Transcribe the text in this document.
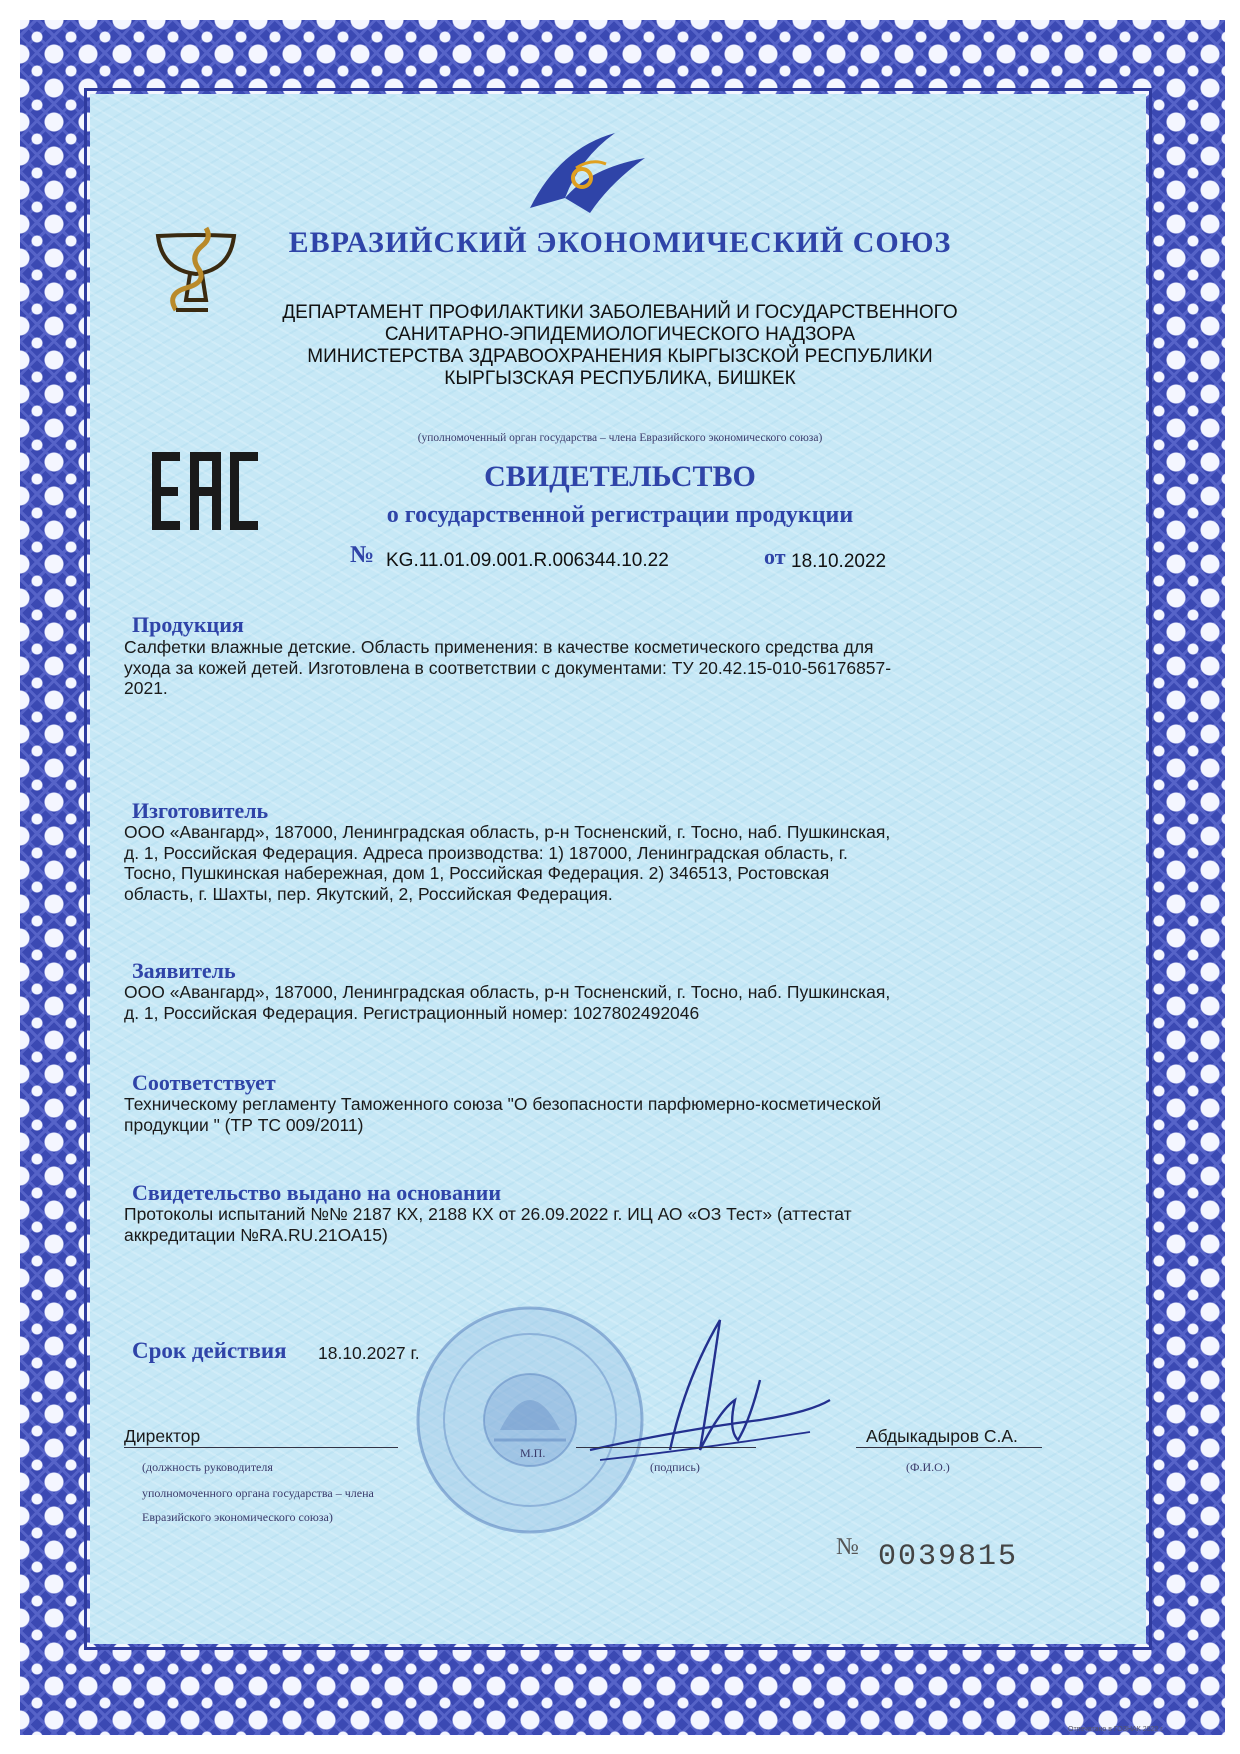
ЕВРАЗИЙСКИЙ ЭКОНОМИЧЕСКИЙ СОЮЗ
ДЕПАРТАМЕНТ ПРОФИЛАКТИКИ ЗАБОЛЕВАНИЙ И ГОСУДАРСТВЕННОГО
САНИТАРНО-ЭПИДЕМИОЛОГИЧЕСКОГО НАДЗОРА
МИНИСТЕРСТВА ЗДРАВООХРАНЕНИЯ КЫРГЫЗСКОЙ РЕСПУБЛИКИ
КЫРГЫЗСКАЯ РЕСПУБЛИКА, БИШКЕК
(уполномоченный орган государства – члена Евразийского экономического союза)
СВИДЕТЕЛЬСТВО
о государственной регистрации продукции
№ KG.11.01.09.001.R.006344.10.22	от 18.10.2022
Продукция
Салфетки влажные детские. Область применения: в качестве косметического средства для
ухода за кожей детей. Изготовлена в соответствии с документами: ТУ 20.42.15-010-56176857-
2021.
Изготовитель
ООО «Авангард», 187000, Ленинградская область, р-н Тосненский, г. Тосно, наб. Пушкинская,
д. 1, Российская Федерация. Адреса производства: 1) 187000, Ленинградская область, г.
Тосно, Пушкинская набережная, дом 1, Российская Федерация. 2) 346513, Ростовская
область, г. Шахты, пер. Якутский, 2, Российская Федерация.
Заявитель
ООО «Авангард», 187000, Ленинградская область, р-н Тосненский, г. Тосно, наб. Пушкинская,
д. 1, Российская Федерация. Регистрационный номер: 1027802492046
Соответствует
Техническому регламенту Таможенного союза "О безопасности парфюмерно-косметической
продукции " (ТР ТС 009/2011)
Свидетельство выдано на основании
Протоколы испытаний №№ 2187 КХ, 2188 КХ от 26.09.2022 г. ИЦ АО «ОЗ Тест» (аттестат
аккредитации №RA.RU.21ОА15)
Срок действия 18.10.2027 г.
Директор
(должность руководителя
уполномоченного органа государства – члена
Евразийского экономического союза)
М.П.
(подпись)
Абдыкадыров С.А.
(Ф.И.О.)
№ 0039815
Отпечатано в ГОЗНАК 2022 г.
